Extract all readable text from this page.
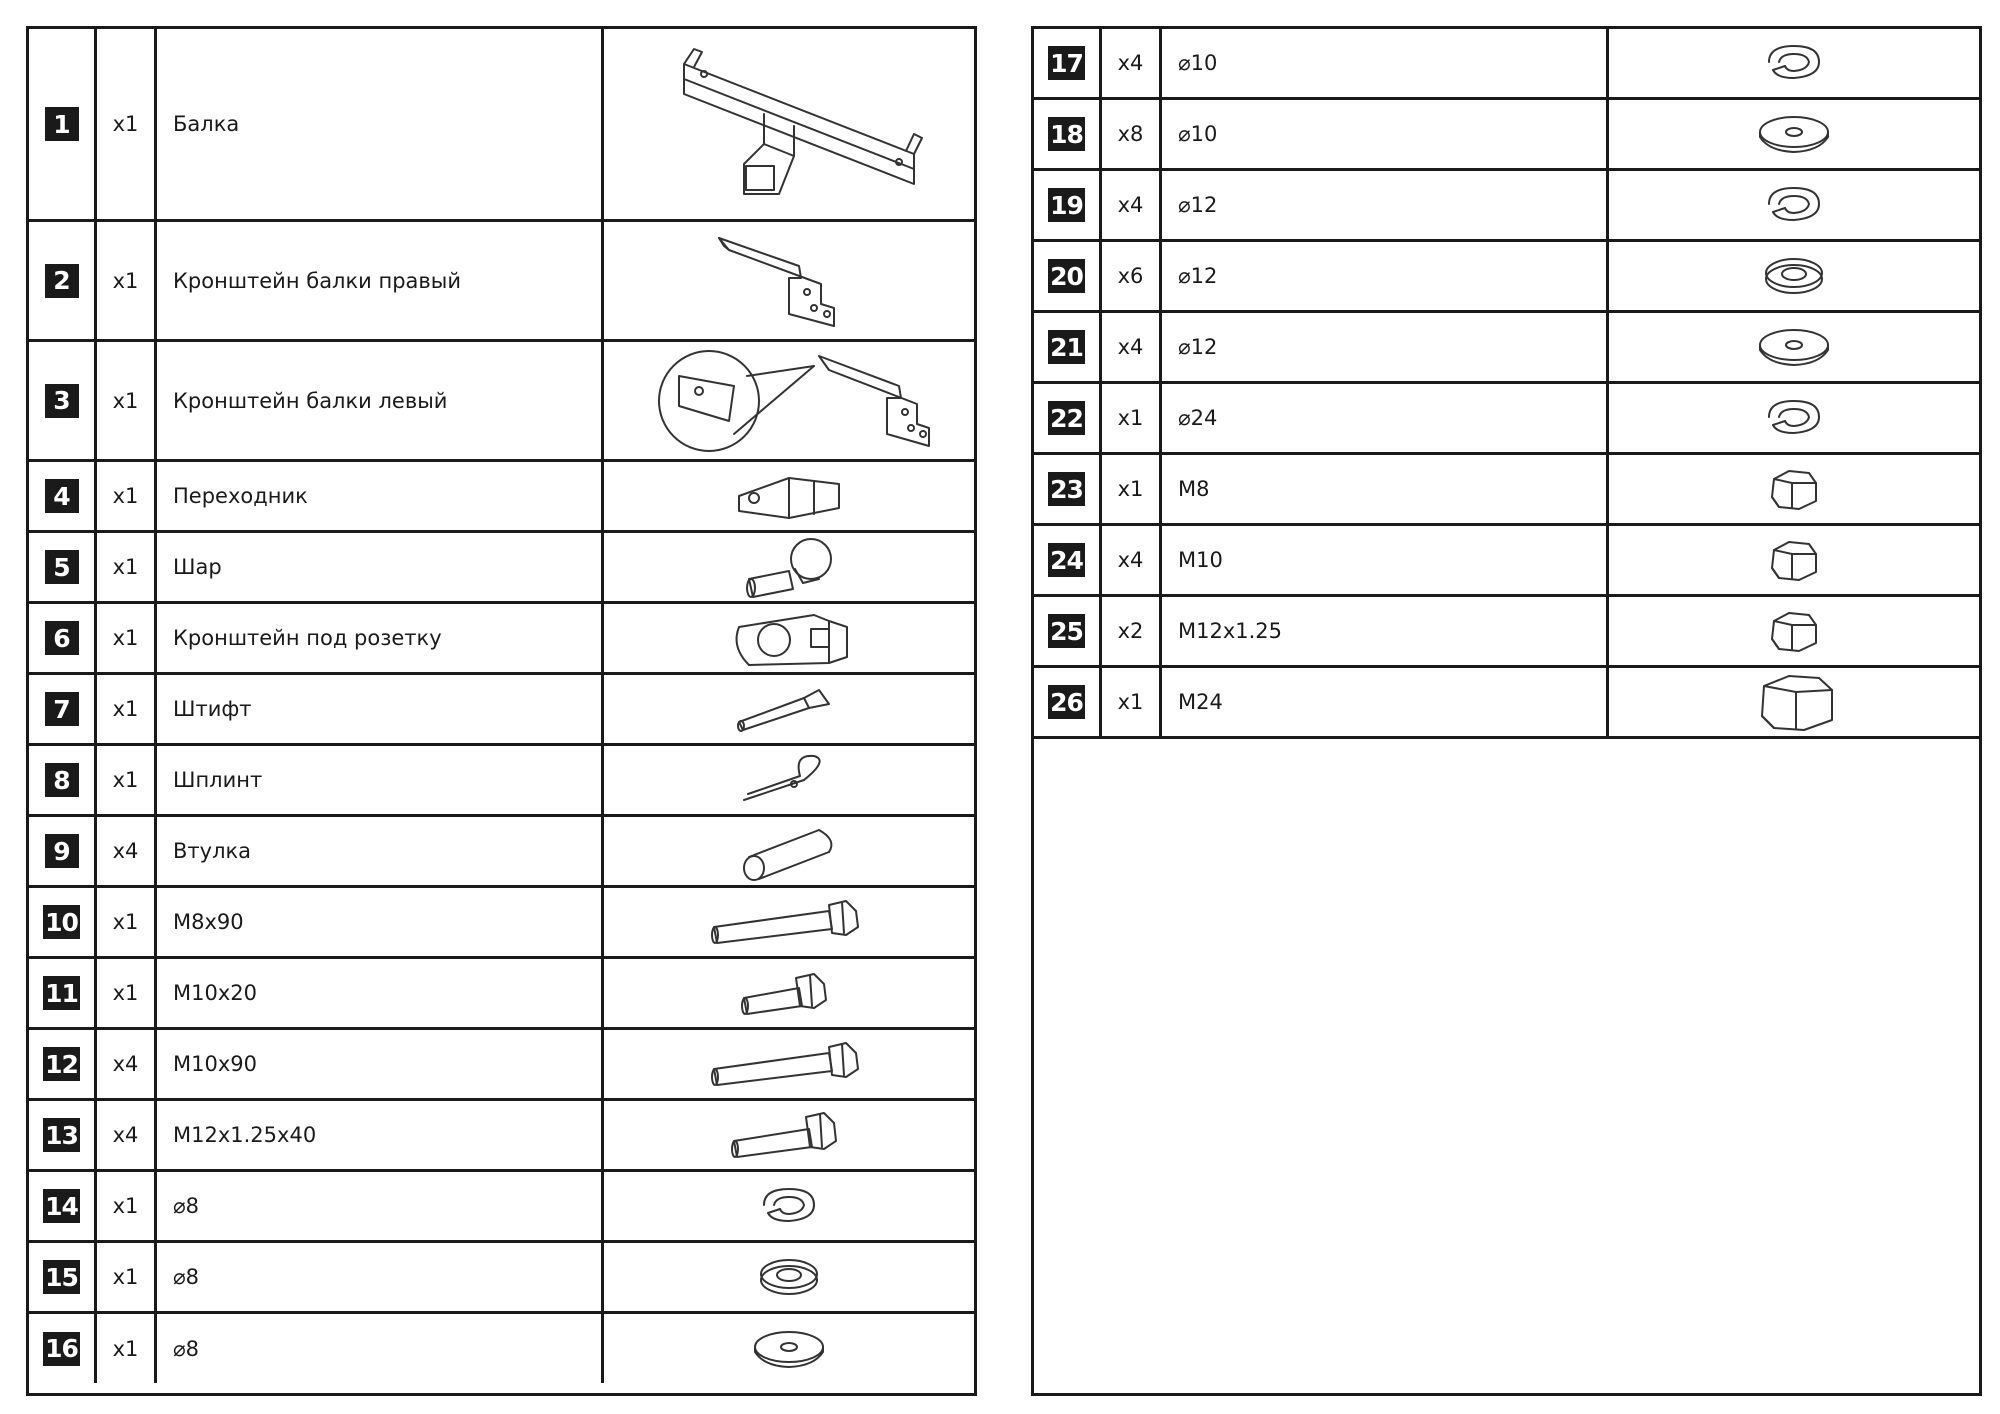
1	x1	Балка
2	x1	Кронштейн балки правый
3	x1	Кронштейн балки левый
4	x1	Переходник
5	x1	Шар
6	x1	Кронштейн под розетку
7	x1	Штифт
8	x1	Шплинт
9	x4	Втулка
10	x1	M8x90
11	x1	M10x20
12	x4	M10x90
13	x4	M12x1.25x40
14	x1	⌀8
15	x1	⌀8
16	x1	⌀8
17	x4	⌀10
18	x8	⌀10
19	x4	⌀12
20	x6	⌀12
21	x4	⌀12
22	x1	⌀24
23	x1	M8
24	x4	M10
25	x2	M12x1.25
26	x1	M24
